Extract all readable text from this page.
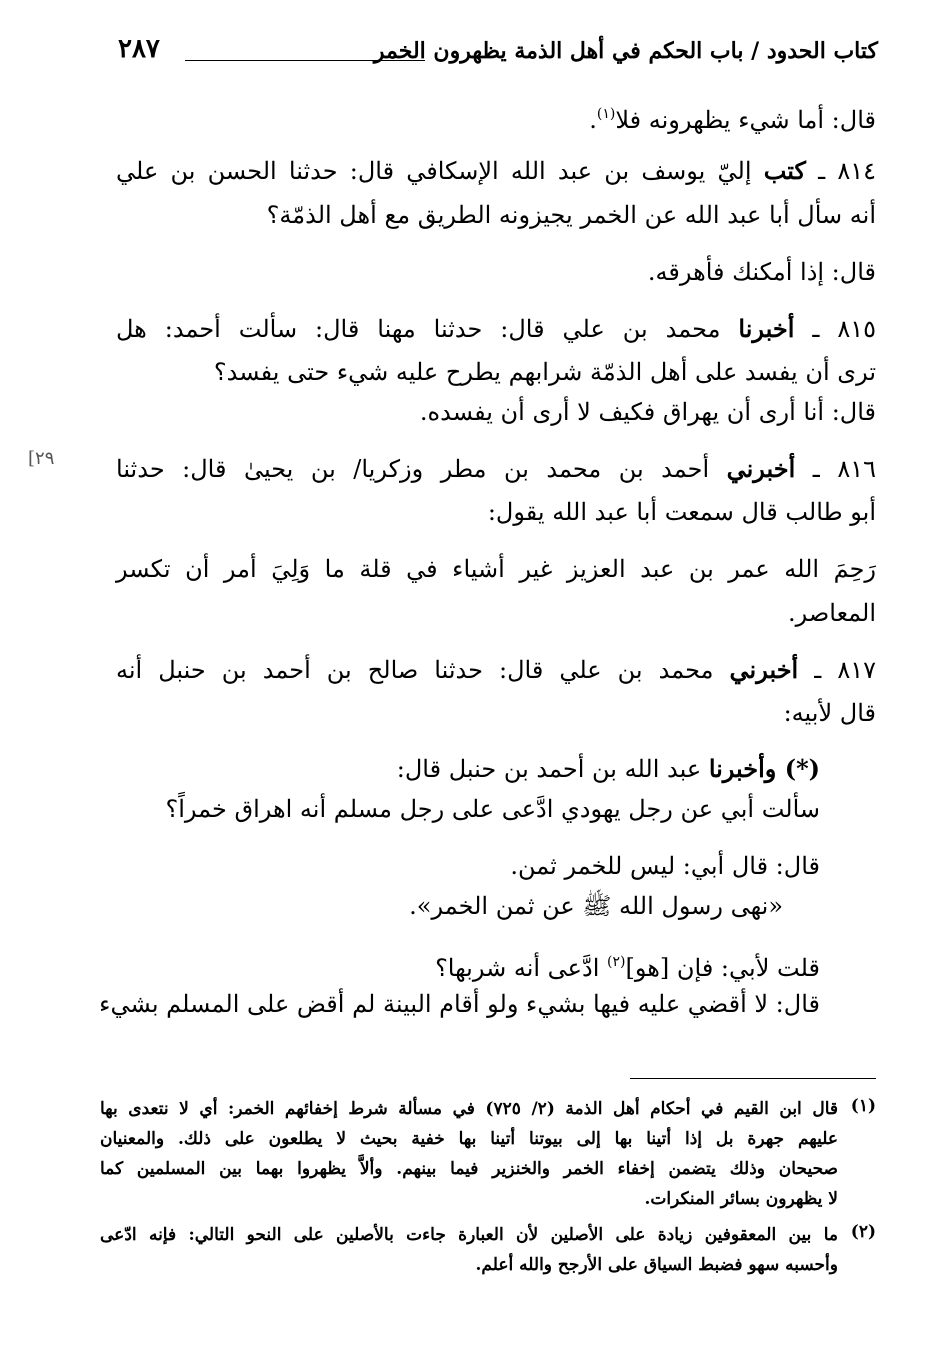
كتاب الحدود / باب الحكم في أهل الذمة يظهرون الخمر
٢٨٧
[٢٩
قال: أما شيء يظهرونه فلا$^{(١)}$.
٨١٤ ـ كتب إليّ يوسف بن عبد الله الإسكافي قال: حدثنا الحسن بن علي
أنه سأل أبا عبد الله عن الخمر يجيزونه الطريق مع أهل الذمّة؟
قال: إذا أمكنك فأهرقه.
٨١٥ ـ أخبرنا محمد بن علي قال: حدثنا مهنا قال: سألت أحمد: هل
ترى أن يفسد على أهل الذمّة شرابهم يطرح عليه شيء حتى يفسد؟
قال: أنا أرى أن يهراق فكيف لا أرى أن يفسده.
٨١٦ ـ أخبرني أحمد بن محمد بن مطر وزكريا/ بن يحيىٰ قال: حدثنا
أبو طالب قال سمعت أبا عبد الله يقول:
رَحِمَ الله عمر بن عبد العزيز غير أشياء في قلة ما وَلِيَ أمر أن تكسر
المعاصر.
٨١٧ ـ أخبرني محمد بن علي قال: حدثنا صالح بن أحمد بن حنبل أنه
قال لأبيه:
(*) وأخبرنا عبد الله بن أحمد بن حنبل قال:
سألت أبي عن رجل يهودي ادَّعى على رجل مسلم أنه اهراق خمراً؟
قال: قال أبي: ليس للخمر ثمن.
«نهى رسول الله ﷺ عن ثمن الخمر».
قلت لأبي: فإن [هو]$^{(٢)}$ ادَّعى أنه شربها؟
قال: لا أقضي عليه فيها بشيء ولو أقام البينة لم أقض على المسلم بشيء
(١)
قال ابن القيم في أحكام أهل الذمة (٢/ ٧٢٥) في مسألة شرط إخفائهم الخمر: أي لا نتعدى بها
عليهم جهرة بل إذا أتينا بها إلى بيوتنا أتينا بها خفية بحيث لا يطلعون على ذلك. والمعنيان
صحيحان وذلك يتضمن إخفاء الخمر والخنزير فيما بينهم. وألاَّ يظهروا بهما بين المسلمين كما
لا يظهرون بسائر المنكرات.
(٢)
ما بين المعقوفين زيادة على الأصلين لأن العبارة جاءت بالأصلين على النحو التالي: فإنه ادّعى
وأحسبه سهو فضبط السياق على الأرجح والله أعلم.
